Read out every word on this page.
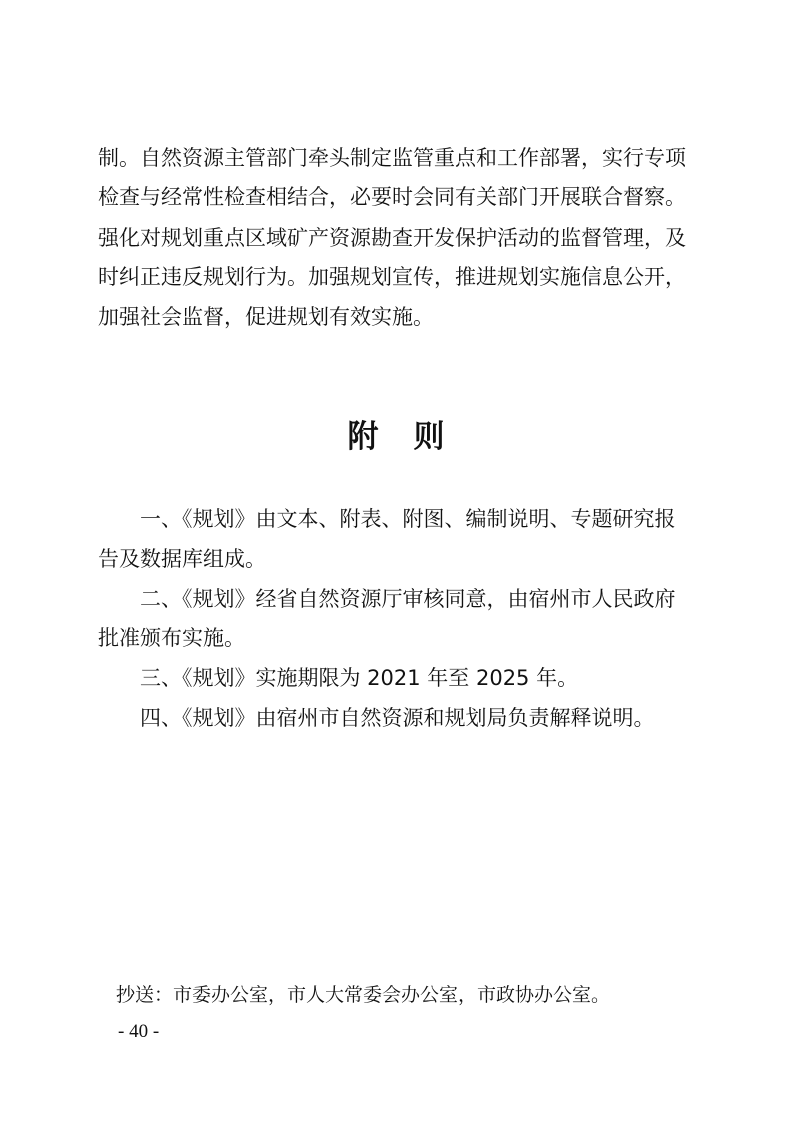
制。自然资源主管部门牵头制定监管重点和工作部署，实行专项
检查与经常性检查相结合，必要时会同有关部门开展联合督察。
强化对规划重点区域矿产资源勘查开发保护活动的监督管理，及
时纠正违反规划行为。加强规划宣传，推进规划实施信息公开，
加强社会监督，促进规划有效实施。
附 则
一、《规划》由文本、附表、附图、编制说明、专题研究报
告及数据库组成。
二、《规划》经省自然资源厅审核同意，由宿州市人民政府
批准颁布实施。
三、《规划》实施期限为 2021 年至 2025 年。
四、《规划》由宿州市自然资源和规划局负责解释说明。
抄送：市委办公室，市人大常委会办公室，市政协办公室。
- 40 -
